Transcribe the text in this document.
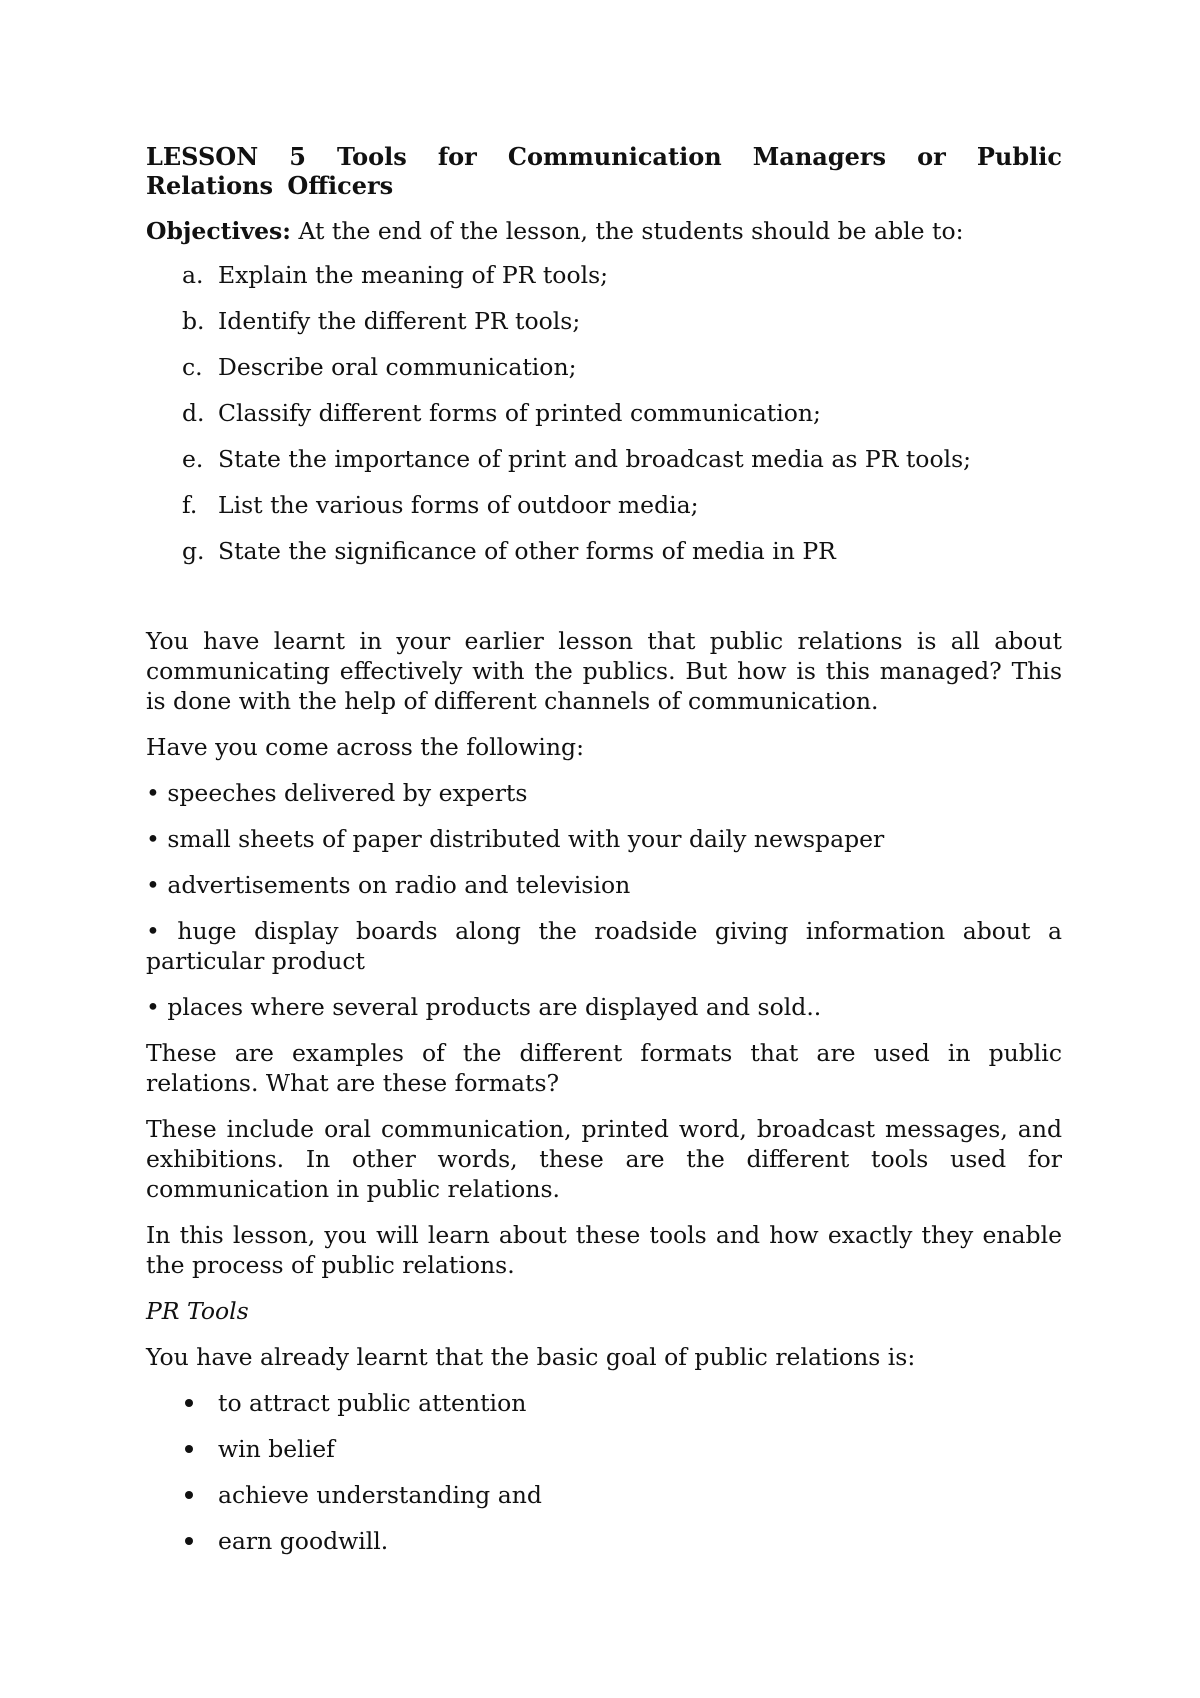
LESSON 5 Tools for Communication Managers or Public Relations Officers
Objectives: At the end of the lesson, the students should be able to:
a. Explain the meaning of PR tools;
b. Identify the different PR tools;
c. Describe oral communication;
d. Classify different forms of printed communication;
e. State the importance of print and broadcast media as PR tools;
f. List the various forms of outdoor media;
g. State the significance of other forms of media in PR

You have learnt in your earlier lesson that public relations is all about communicating effectively with the publics. But how is this managed? This is done with the help of different channels of communication.

Have you come across the following:

• speeches delivered by experts

• small sheets of paper distributed with your daily newspaper

• advertisements on radio and television

• huge display boards along the roadside giving information about a particular product

• places where several products are displayed and sold..

These are examples of the different formats that are used in public relations. What are these formats?

These include oral communication, printed word, broadcast messages, and exhibitions. In other words, these are the different tools used for communication in public relations.

In this lesson, you will learn about these tools and how exactly they enable the process of public relations.

PR Tools

You have already learnt that the basic goal of public relations is:

to attract public attention
win belief
achieve understanding and
earn goodwill.
